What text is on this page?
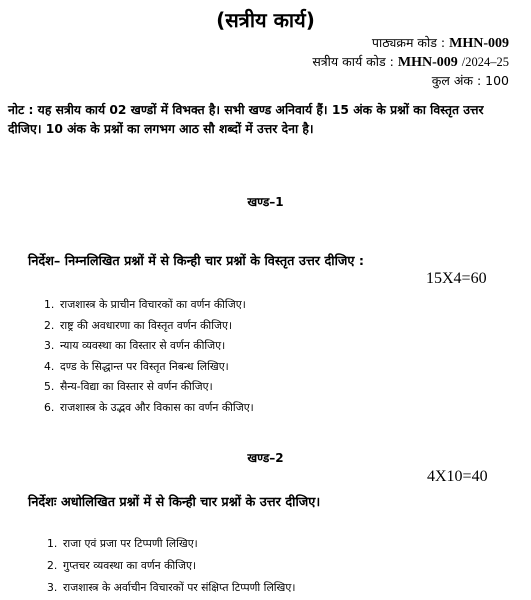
(सत्रीय कार्य)
पाठ्यक्रम कोड : MHN-009
सत्रीय कार्य कोड : MHN-009 /2024–25
कुल अंक : 100
नोट : यह सत्रीय कार्य 02 खण्डों में विभक्त है। सभी खण्ड अनिवार्य हैं। 15 अंक के प्रश्नों का विस्तृत उत्तर दीजिए। 10 अंक के प्रश्नों का लगभग आठ सौ शब्दों में उत्तर देना है।
खण्ड–1
निर्देश– निम्नलिखित प्रश्नों में से किन्ही चार प्रश्नों के विस्तृत उत्तर दीजिए :
15X4=60
1. राजशास्त्र के प्राचीन विचारकों का वर्णन कीजिए।
2. राष्ट्र की अवधारणा का विस्तृत वर्णन कीजिए।
3. न्याय व्यवस्था का विस्तार से वर्णन कीजिए।
4. दण्ड के सिद्धान्त पर विस्तृत निबन्ध लिखिए।
5. सैन्य-विद्या का विस्तार से वर्णन कीजिए।
6. राजशास्त्र के उद्भव और विकास का वर्णन कीजिए।
खण्ड–2
4X10=40
निर्देशः अधोलिखित प्रश्नों में से किन्ही चार प्रश्नों के उत्तर दीजिए।
1. राजा एवं प्रजा पर टिप्पणी लिखिए।
2. गुप्तचर व्यवस्था का वर्णन कीजिए।
3. राजशास्त्र के अर्वाचीन विचारकों पर संक्षिप्त टिप्पणी लिखिए।
